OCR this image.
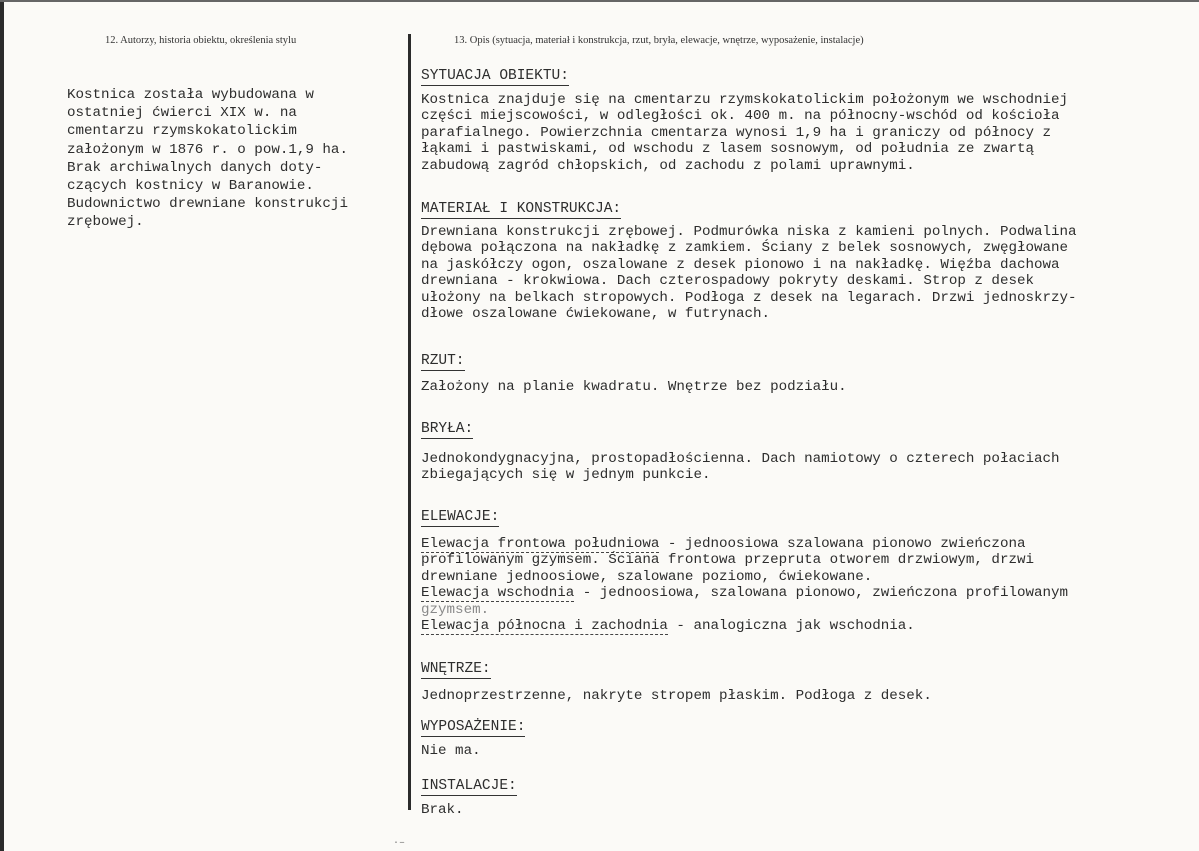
12. Autorzy, historia obiektu, określenia stylu	13. Opis (sytuacja, materiał i konstrukcja, rzut, bryła, elewacje, wnętrze, wyposażenie, instalacje)
Kostnica została wybudowana w
ostatniej ćwierci XIX w. na
cmentarzu rzymskokatolickim
założonym w 1876 r. o pow.1,9 ha.
Brak archiwalnych danych doty-
czących kostnicy w Baranowie.
Budownictwo drewniane konstrukcji
zrębowej.
SYTUACJA OBIEKTU:
Kostnica znajduje się na cmentarzu rzymskokatolickim położonym we wschodniej
części miejscowości, w odległości ok. 400 m. na północny-wschód od kościoła
parafialnego. Powierzchnia cmentarza wynosi 1,9 ha i graniczy od północy z
łąkami i pastwiskami, od wschodu z lasem sosnowym, od południa ze zwartą
zabudową zagród chłopskich, od zachodu z polami uprawnymi.
MATERIAŁ I KONSTRUKCJA:
Drewniana konstrukcji zrębowej. Podmurówka niska z kamieni polnych. Podwalina
dębowa połączona na nakładkę z zamkiem. Ściany z belek sosnowych, zwęgłowane
na jaskółczy ogon, oszalowane z desek pionowo i na nakładkę. Więźba dachowa
drewniana - krokwiowa. Dach czterospadowy pokryty deskami. Strop z desek
ułożony na belkach stropowych. Podłoga z desek na legarach. Drzwi jednoskrzy-
dłowe oszalowane ćwiekowane, w futrynach.
RZUT:
Założony na planie kwadratu. Wnętrze bez podziału.
BRYŁA:
Jednokondygnacyjna, prostopadłościenna. Dach namiotowy o czterech połaciach
zbiegających się w jednym punkcie.
ELEWACJE:
Elewacja frontowa południowa - jednoosiowa szalowana pionowo zwieńczona
profilowanym gzymsem. Ściana frontowa przepruta otworem drzwiowym, drzwi
drewniane jednoosiowe, szalowane poziomo, ćwiekowane.
Elewacja wschodnia - jednoosiowa, szalowana pionowo, zwieńczona profilowanym
gzymsem.
Elewacja północna i zachodnia - analogiczna jak wschodnia.
WNĘTRZE:
Jednoprzestrzenne, nakryte stropem płaskim. Podłoga z desek.
WYPOSAŻENIE:
Nie ma.
INSTALACJE:
Brak.
·–
